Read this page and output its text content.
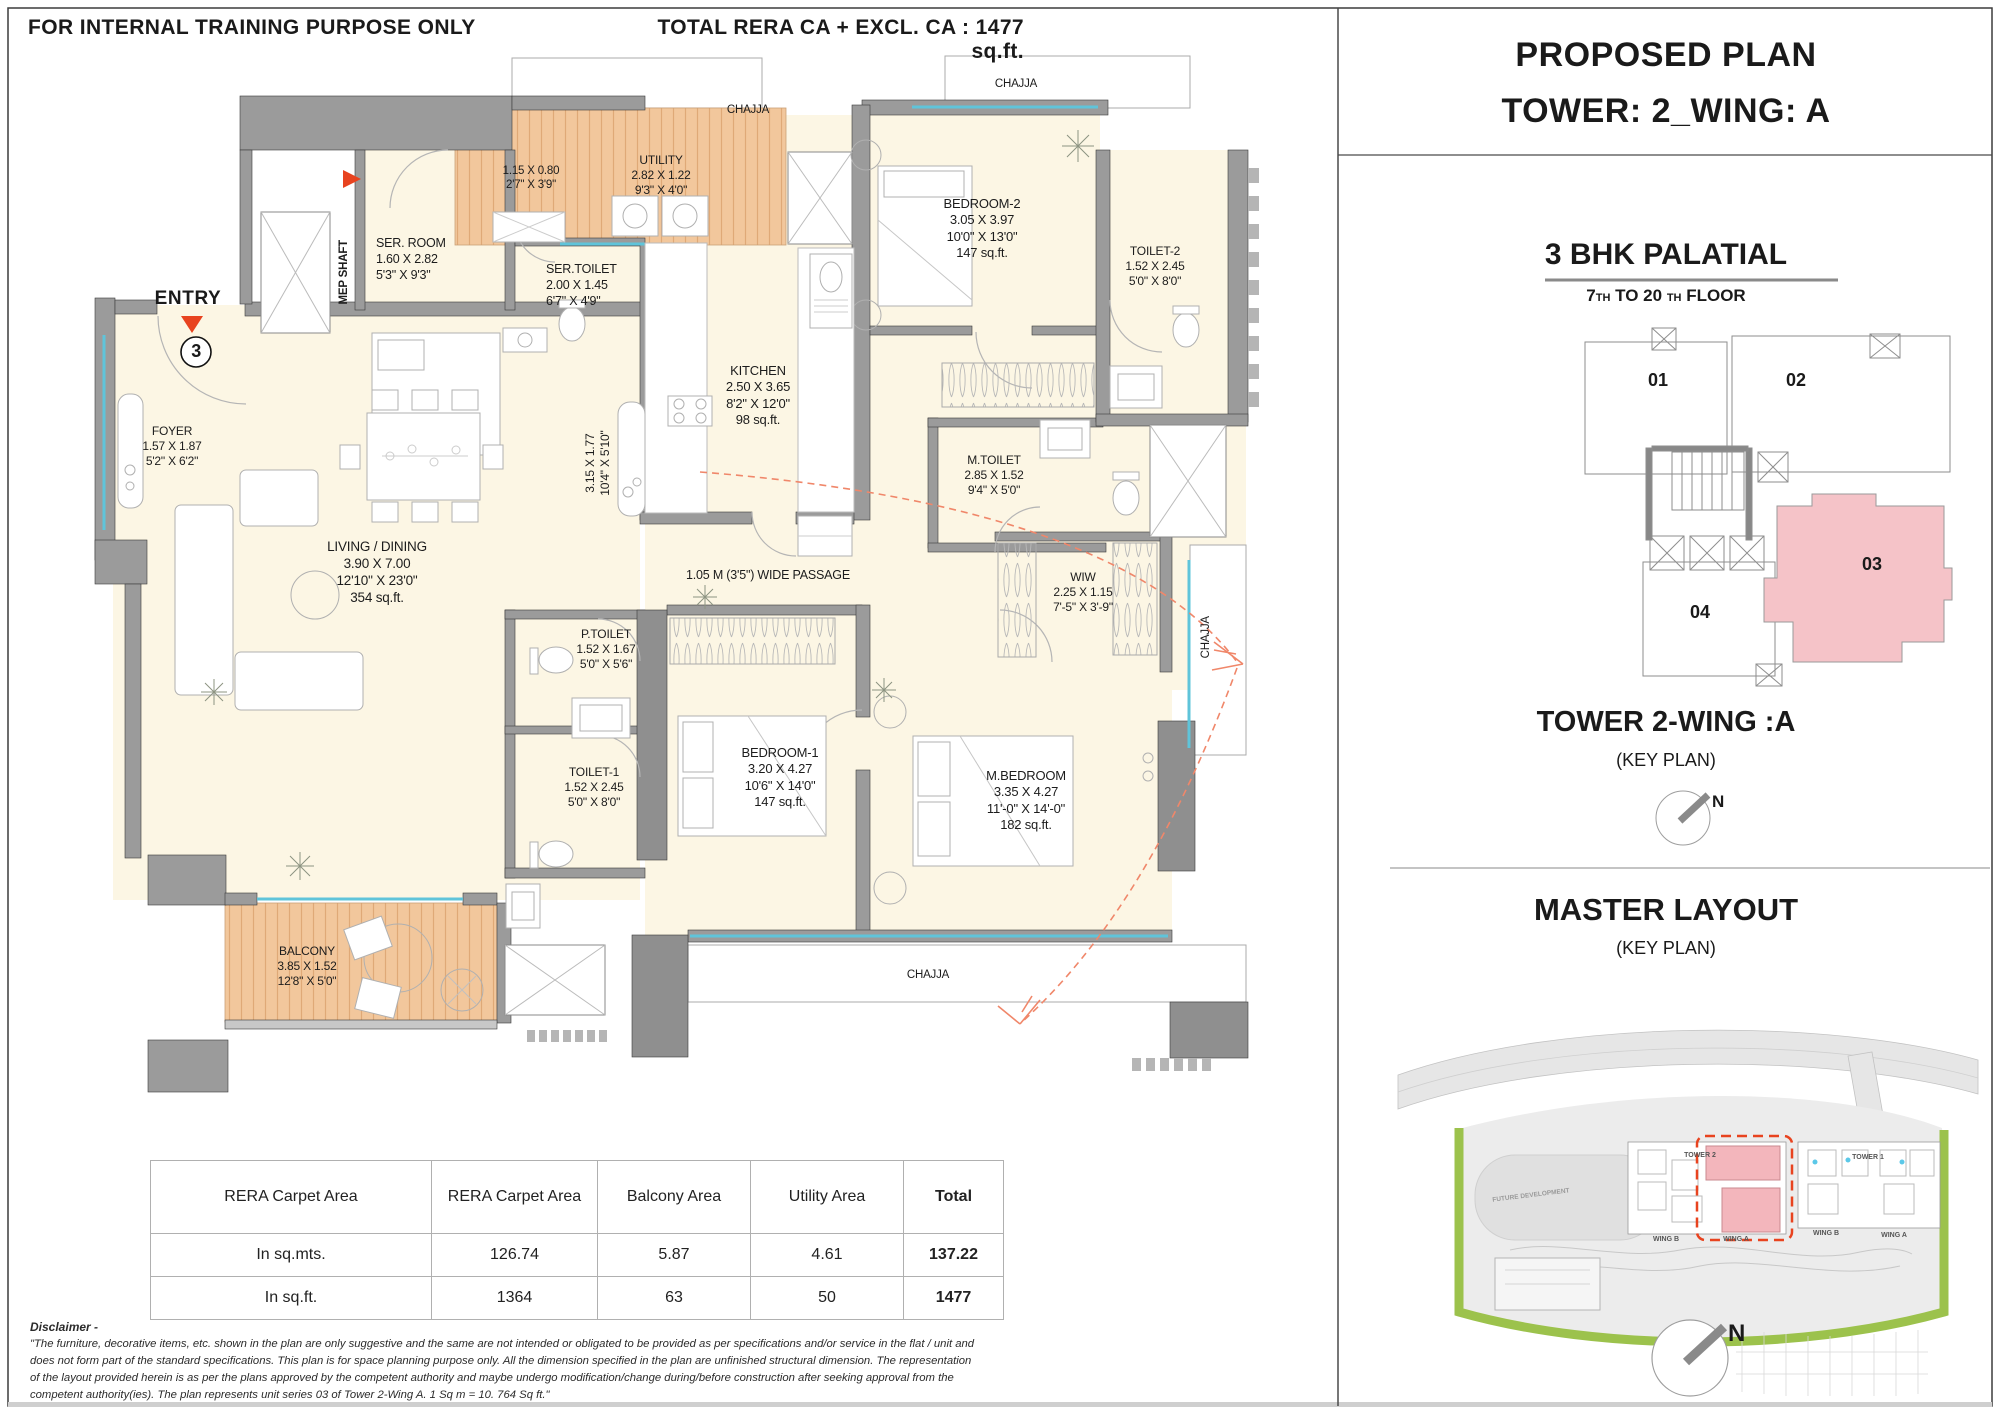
FOR INTERNAL TRAINING PURPOSE ONLY	TOTAL RERA CA + EXCL. CA : 1477 sq.ft.
ENTRY
3
CHAJJA
CHAJJA
CHAJJA
CHAJJA
MEP SHAFT
1.05 M (3'5") WIDE PASSAGE
3.15 X 1.77 10'4" X 5'10"
FOYER
1.57 X 1.87
5'2" X 6'2"
SER. ROOM
1.60 X 2.82
5'3" X 9'3"	SER.TOILET
2.00 X 1.45
6'7" X 4'9"
1.15 X 0.80
2'7" X 3'9"
UTILITY
2.82 X 1.22
9'3" X 4'0"
BEDROOM-2
3.05 X 3.97
10'0" X 13'0"
147 sq.ft.	TOILET-2
1.52 X 2.45
5'0" X 8'0"
KITCHEN
2.50 X 3.65
8'2" X 12'0"
98 sq.ft.
M.TOILET
2.85 X 1.52
9'4" X 5'0"
WIW
2.25 X 1.15
7'-5" X 3'-9"
LIVING / DINING
3.90 X 7.00
12'10" X 23'0"
354 sq.ft.
P.TOILET
1.52 X 1.67
5'0" X 5'6"
TOILET-1
1.52 X 2.45
5'0" X 8'0"
BEDROOM-1
3.20 X 4.27
10'6" X 14'0"
147 sq.ft.
M.BEDROOM
3.35 X 4.27
11'-0" X 14'-0"
182 sq.ft.
BALCONY
3.85 X 1.52
12'8" X 5'0"
PROPOSED PLAN
TOWER: 2_WING: A
3 BHK PALATIAL
7TH TO 20 TH FLOOR
01	02
03
04
TOWER 2-WING :A
(KEY PLAN)
N
MASTER LAYOUT
(KEY PLAN)
TOWER 2	TOWER 1
WING B	WING A
WING B	WING A
FUTURE DEVELOPMENT
N
RERA Carpet Area	RERA Carpet Area	Balcony Area	Utility Area	Total
In sq.mts.	126.74	5.87	4.61	137.22
In sq.ft.	1364	63	50	1477
Disclaimer -
"The furniture, decorative items, etc. shown in the plan are only suggestive and the same are not intended or obligated to be provided as per specifications and/or service in the flat / unit and does not form part of the standard specifications. This plan is for space planning purpose only. All the dimension specified in the plan are unfinished structural dimension. The representation of the layout provided herein is as per the plans approved by the competent authority and maybe undergo modification/change during/before construction after seeking approval from the competent authority(ies). The plan represents unit series 03 of Tower 2-Wing A. 1 Sq m = 10. 764 Sq ft."
